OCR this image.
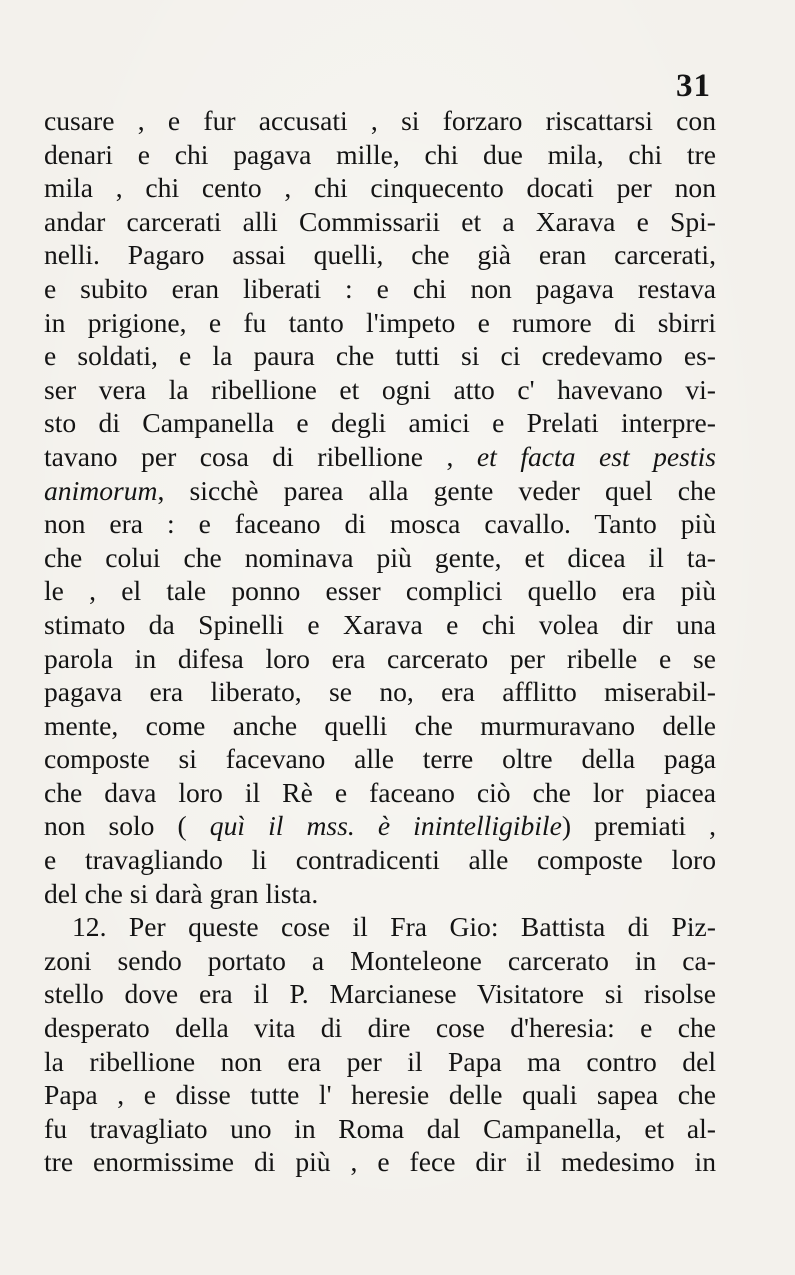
31
cusare , e fur accusati , si forzaro riscattarsi con
denari e chi pagava mille, chi due mila, chi tre
mila , chi cento , chi cinquecento docati per non
andar carcerati alli Commissarii et a Xarava e Spi-
nelli. Pagaro assai quelli, che già eran carcerati,
e subito eran liberati : e chi non pagava restava
in prigione, e fu tanto l'impeto e rumore di sbirri
e soldati, e la paura che tutti si ci credevamo es-
ser vera la ribellione et ogni atto c' havevano vi-
sto di Campanella e degli amici e Prelati interpre-
tavano per cosa di ribellione , et facta est pestis
animorum, sicchè parea alla gente veder quel che
non era : e faceano di mosca cavallo. Tanto più
che colui che nominava più gente, et dicea il ta-
le , el tale ponno esser complici quello era più
stimato da Spinelli e Xarava e chi volea dir una
parola in difesa loro era carcerato per ribelle e se
pagava era liberato, se no, era afflitto miserabil-
mente, come anche quelli che murmuravano delle
composte si facevano alle terre oltre della paga
che dava loro il Rè e faceano ciò che lor piacea
non solo ( quì il mss. è inintelligibile) premiati ,
e travagliando li contradicenti alle composte loro
del che si darà gran lista.
12. Per queste cose il Fra Gio: Battista di Piz-
zoni sendo portato a Monteleone carcerato in ca-
stello dove era il P. Marcianese Visitatore si risolse
desperato della vita di dire cose d'heresia: e che
la ribellione non era per il Papa ma contro del
Papa , e disse tutte l' heresie delle quali sapea che
fu travagliato uno in Roma dal Campanella, et al-
tre enormissime di più , e fece dir il medesimo in
